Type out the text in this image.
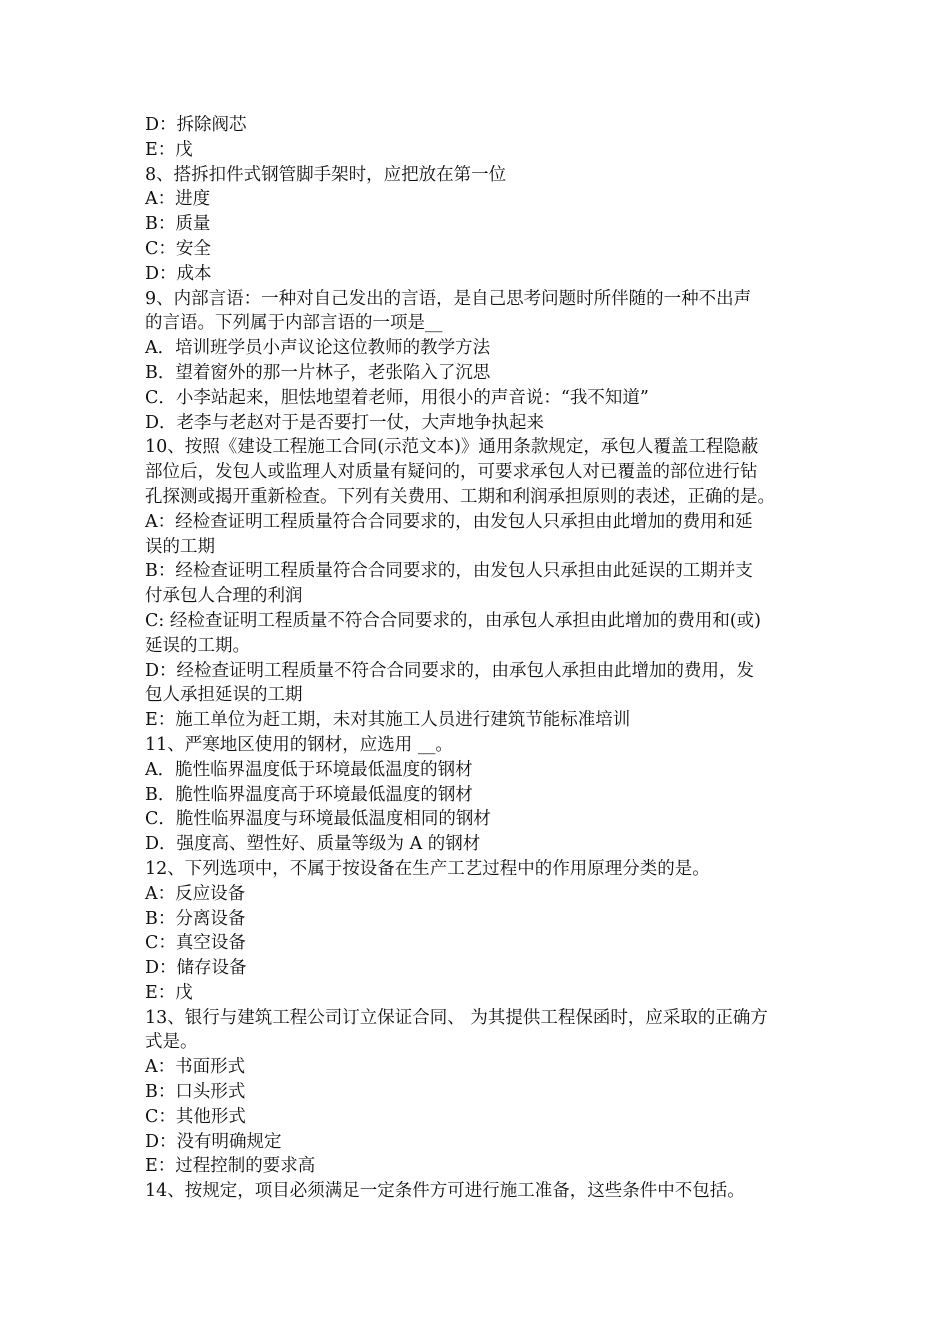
D：拆除阀芯
E：戊
8、搭拆扣件式钢管脚手架时，应把放在第一位
A：进度
B：质量
C：安全
D：成本
9、内部言语：一种对自己发出的言语，是自己思考问题时所伴随的一种不出声
的言语。下列属于内部言语的一项是__
A．培训班学员小声议论这位教师的教学方法
B．望着窗外的那一片林子，老张陷入了沉思
C．小李站起来，胆怯地望着老师，用很小的声音说：“我不知道”
D．老李与老赵对于是否要打一仗，大声地争执起来
10、按照《建设工程施工合同(示范文本)》通用条款规定，承包人覆盖工程隐蔽
部位后，发包人或监理人对质量有疑问的，可要求承包人对已覆盖的部位进行钻
孔探测或揭开重新检查。下列有关费用、工期和利润承担原则的表述，正确的是。
A：经检查证明工程质量符合合同要求的，由发包人只承担由此增加的费用和延
误的工期
B：经检查证明工程质量符合合同要求的，由发包人只承担由此延误的工期并支
付承包人合理的利润
C: 经检查证明工程质量不符合合同要求的，由承包人承担由此增加的费用和(或)
延误的工期。
D：经检查证明工程质量不符合合同要求的，由承包人承担由此增加的费用，发
包人承担延误的工期
E：施工单位为赶工期，未对其施工人员进行建筑节能标准培训
11、严寒地区使用的钢材，应选用 __。
A．脆性临界温度低于环境最低温度的钢材
B．脆性临界温度高于环境最低温度的钢材
C．脆性临界温度与环境最低温度相同的钢材
D．强度高、塑性好、质量等级为 A 的钢材
12、下列选项中，不属于按设备在生产工艺过程中的作用原理分类的是。
A：反应设备
B：分离设备
C：真空设备
D：储存设备
E：戊
13、银行与建筑工程公司订立保证合同、 为其提供工程保函时，应采取的正确方
式是。
A：书面形式
B：口头形式
C：其他形式
D：没有明确规定
E：过程控制的要求高
14、按规定，项目必须满足一定条件方可进行施工准备，这些条件中不包括。
